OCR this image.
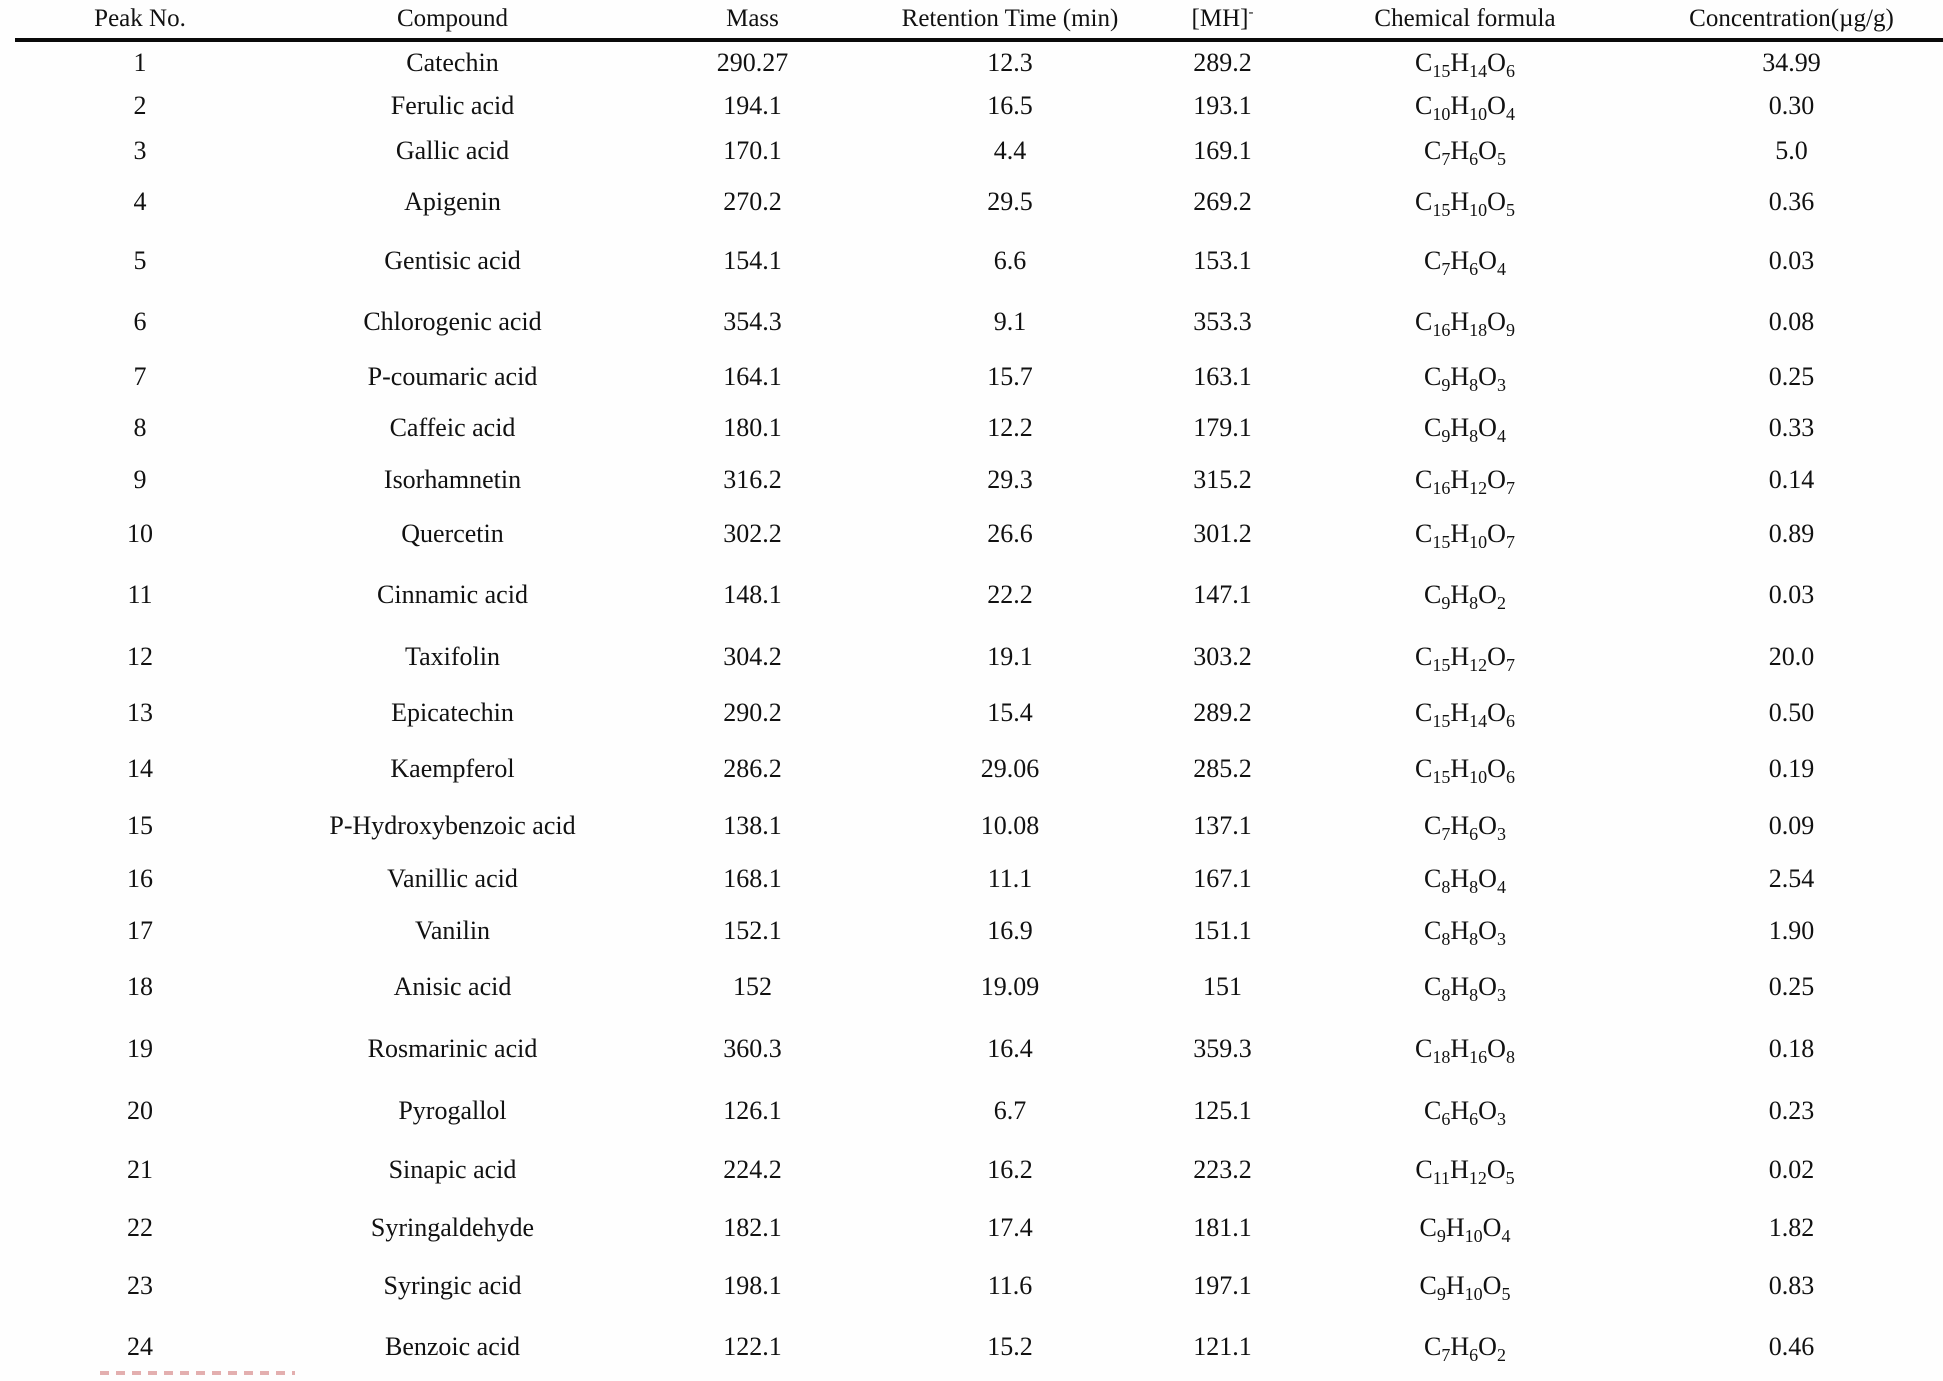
Peak No.	Compound	Mass	Retention Time (min)	[MH]-	Chemical formula	Concentration(µg/g)
1	Catechin	290.27	12.3	289.2	$C_{15}H_{14}O_6$	34.99
2	Ferulic acid	194.1	16.5	193.1	$C_{10}H_{10}O_4$	0.30
3	Gallic acid	170.1	4.4	169.1	$C_7H_6O_5$	5.0
4	Apigenin	270.2	29.5	269.2	$C_{15}H_{10}O_5$	0.36
5	Gentisic acid	154.1	6.6	153.1	$C_7H_6O_4$	0.03
6	Chlorogenic acid	354.3	9.1	353.3	$C_{16}H_{18}O_9$	0.08
7	P-coumaric acid	164.1	15.7	163.1	$C_9H_8O_3$	0.25
8	Caffeic acid	180.1	12.2	179.1	$C_9H_8O_4$	0.33
9	Isorhamnetin	316.2	29.3	315.2	$C_{16}H_{12}O_7$	0.14
10	Quercetin	302.2	26.6	301.2	$C_{15}H_{10}O_7$	0.89
11	Cinnamic acid	148.1	22.2	147.1	$C_9H_8O_2$	0.03
12	Taxifolin	304.2	19.1	303.2	$C_{15}H_{12}O_7$	20.0
13	Epicatechin	290.2	15.4	289.2	$C_{15}H_{14}O_6$	0.50
14	Kaempferol	286.2	29.06	285.2	$C_{15}H_{10}O_6$	0.19
15	P-Hydroxybenzoic acid	138.1	10.08	137.1	$C_7H_6O_3$	0.09
16	Vanillic acid	168.1	11.1	167.1	$C_8H_8O_4$	2.54
17	Vanilin	152.1	16.9	151.1	$C_8H_8O_3$	1.90
18	Anisic acid	152	19.09	151	$C_8H_8O_3$	0.25
19	Rosmarinic acid	360.3	16.4	359.3	$C_{18}H_{16}O_8$	0.18
20	Pyrogallol	126.1	6.7	125.1	$C_6H_6O_3$	0.23
21	Sinapic acid	224.2	16.2	223.2	$C_{11}H_{12}O_5$	0.02
22	Syringaldehyde	182.1	17.4	181.1	$C_9H_{10}O_4$	1.82
23	Syringic acid	198.1	11.6	197.1	$C_9H_{10}O_5$	0.83
24	Benzoic acid	122.1	15.2	121.1	$C_7H_6O_2$	0.46
